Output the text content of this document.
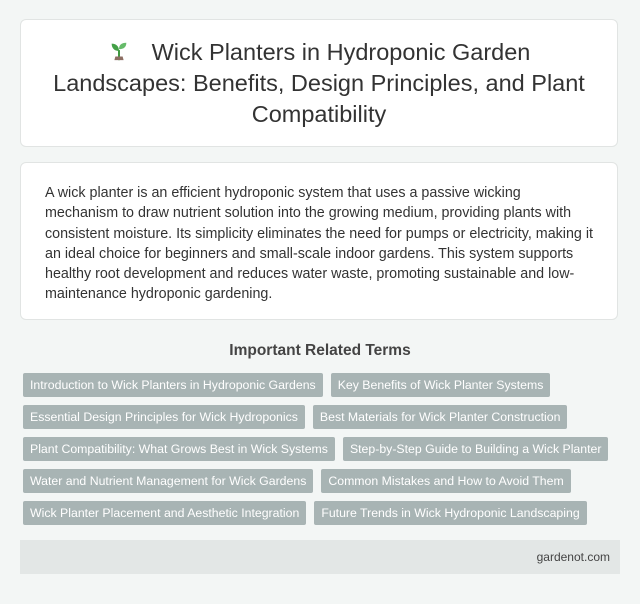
Wick Planters in Hydroponic Garden Landscapes: Benefits, Design Principles, and Plant Compatibility

A wick planter is an efficient hydroponic system that uses a passive wicking mechanism to draw nutrient solution into the growing medium, providing plants with consistent moisture. Its simplicity eliminates the need for pumps or electricity, making it an ideal choice for beginners and small-scale indoor gardens. This system supports healthy root development and reduces water waste, promoting sustainable and low-maintenance hydroponic gardening.

Important Related Terms
Introduction to Wick Planters in Hydroponic Gardens	Key Benefits of Wick Planter Systems
Essential Design Principles for Wick Hydroponics	Best Materials for Wick Planter Construction
Plant Compatibility: What Grows Best in Wick Systems	Step-by-Step Guide to Building a Wick Planter
Water and Nutrient Management for Wick Gardens	Common Mistakes and How to Avoid Them
Wick Planter Placement and Aesthetic Integration	Future Trends in Wick Hydroponic Landscaping
gardenot.com
